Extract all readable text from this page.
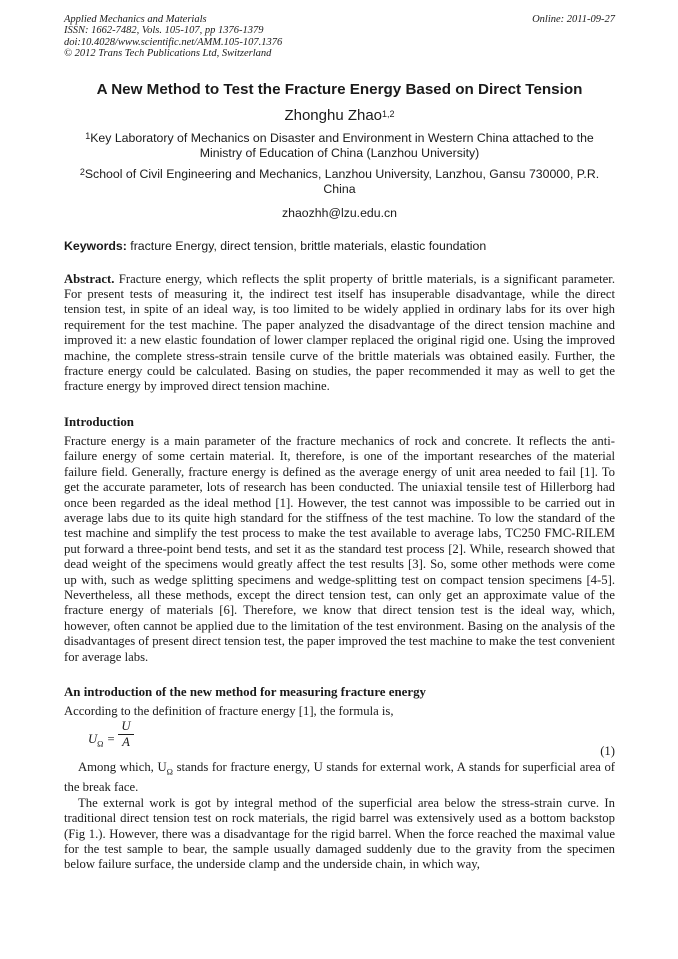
Applied Mechanics and Materials
ISSN: 1662-7482, Vols. 105-107, pp 1376-1379
doi:10.4028/www.scientific.net/AMM.105-107.1376
© 2012 Trans Tech Publications Ltd, Switzerland
Online: 2011-09-27
A New Method to Test the Fracture Energy Based on Direct Tension
Zhonghu Zhao$^{1,2}$
$^1$Key Laboratory of Mechanics on Disaster and Environment in Western China attached to the Ministry of Education of China (Lanzhou University)
$^2$School of Civil Engineering and Mechanics, Lanzhou University, Lanzhou, Gansu 730000, P.R. China
zhaozhh@lzu.edu.cn
Keywords: fracture Energy, direct tension, brittle materials, elastic foundation
Abstract. Fracture energy, which reflects the split property of brittle materials, is a significant parameter. For present tests of measuring it, the indirect test itself has insuperable disadvantage, while the direct tension test, in spite of an ideal way, is too limited to be widely applied in ordinary labs for its over high requirement for the test machine. The paper analyzed the disadvantage of the direct tension machine and improved it: a new elastic foundation of lower clamper replaced the original rigid one. Using the improved machine, the complete stress-strain tensile curve of the brittle materials was obtained easily. Further, the fracture energy could be calculated. Basing on studies, the paper recommended it may as well to get the fracture energy by improved direct tension machine.
Introduction

Fracture energy is a main parameter of the fracture mechanics of rock and concrete. It reflects the anti-failure energy of some certain material. It, therefore, is one of the important researches of the material failure field. Generally, fracture energy is defined as the average energy of unit area needed to fail [1]. To get the accurate parameter, lots of research has been conducted. The uniaxial tensile test of Hillerborg had once been regarded as the ideal method [1]. However, the test cannot was impossible to be carried out in average labs due to its quite high standard for the stiffness of the test machine. To low the standard of the test machine and simplify the test process to make the test available to average labs, TC250 FMC-RILEM put forward a three-point bend tests, and set it as the standard test process [2]. While, research showed that dead weight of the specimens would greatly affect the test results [3]. So, some other methods were come up with, such as wedge splitting specimens and wedge-splitting test on compact tension specimens [4-5]. Nevertheless, all these methods, except the direct tension test, can only get an approximate value of the fracture energy of materials [6]. Therefore, we know that direct tension test is the ideal way, which, however, often cannot be applied due to the limitation of the test environment. Basing on the analysis of the disadvantages of present direct tension test, the paper improved the test machine to make the test convenient for average labs.

An introduction of the new method for measuring fracture energy

According to the definition of fracture energy [1], the formula is,

$U_\Omega$ =
U
A
(1)

Among which, $U_\Omega$ stands for fracture energy, U stands for external work, A stands for superficial area of the break face.

The external work is got by integral method of the superficial area below the stress-strain curve. In traditional direct tension test on rock materials, the rigid barrel was extensively used as a bottom backstop (Fig 1.). However, there was a disadvantage for the rigid barrel. When the force reached the maximal value for the test sample to bear, the sample usually damaged suddenly due to the gravity from the specimen below failure surface, the underside clamp and the underside chain, in which way,
